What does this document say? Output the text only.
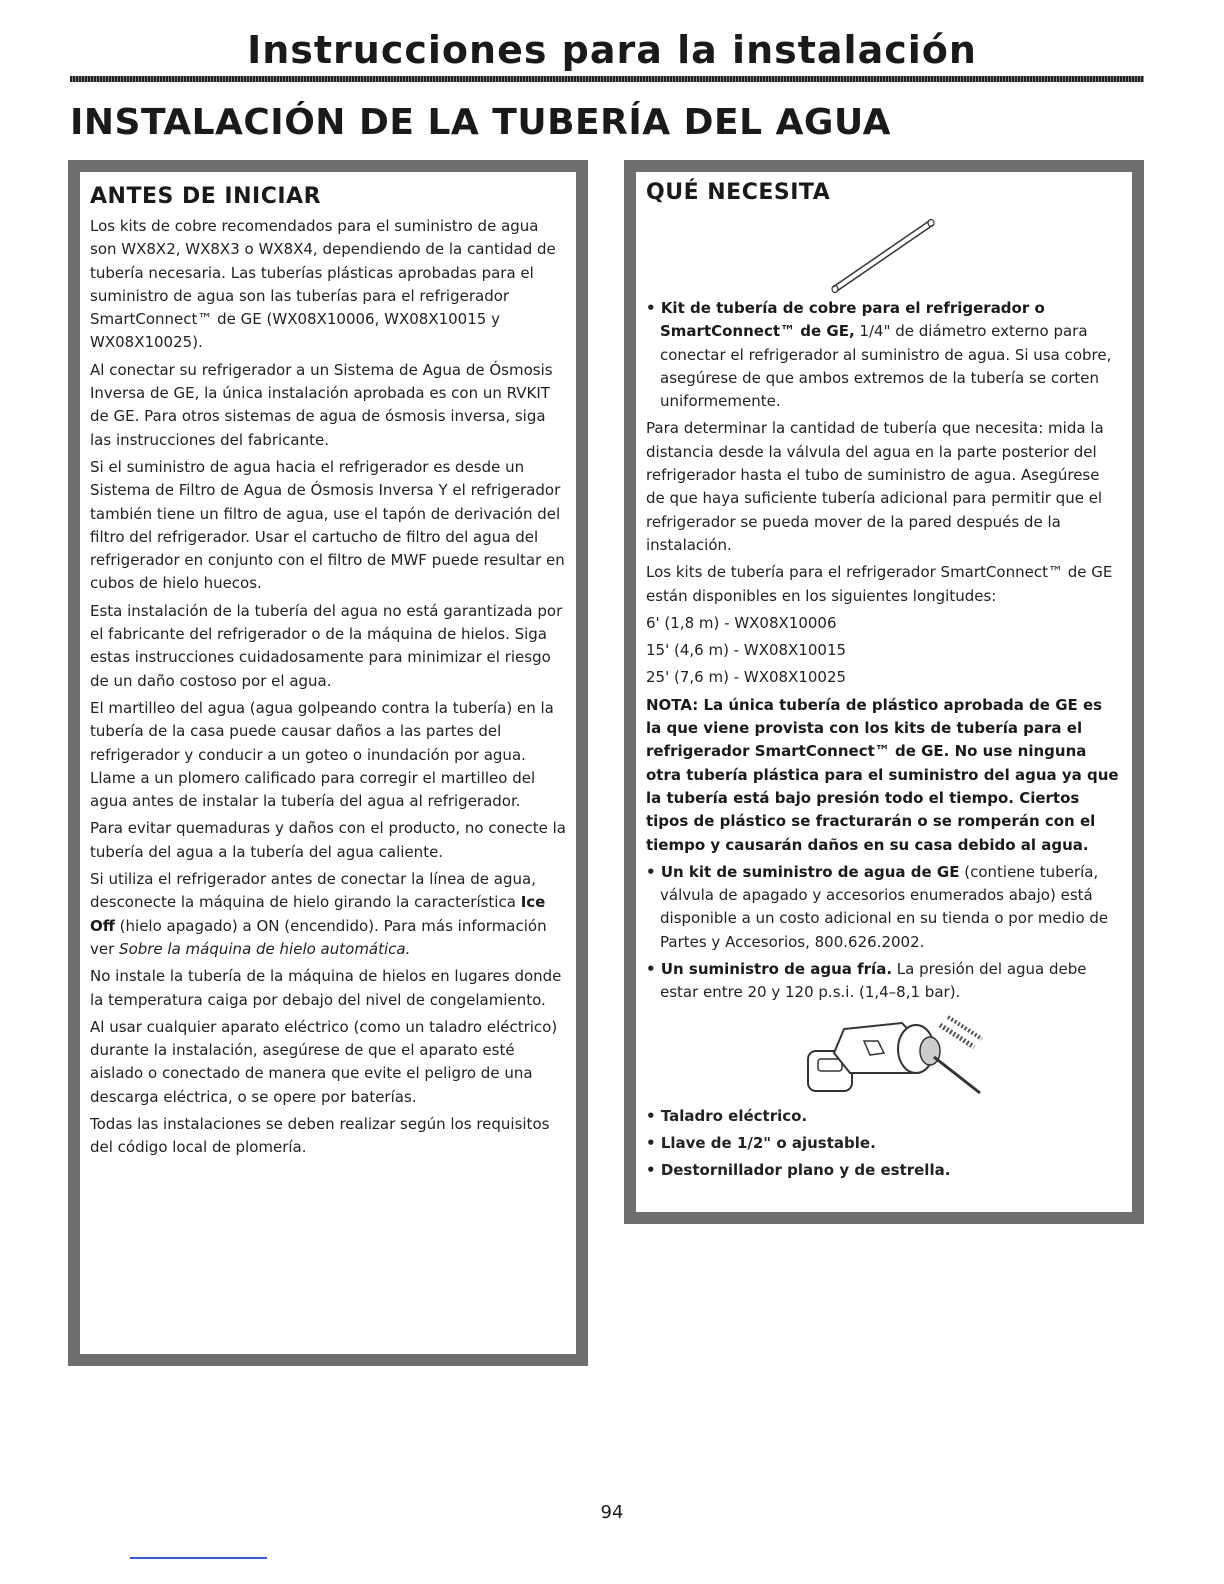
Instrucciones para la instalación
INSTALACIÓN DE LA TUBERÍA DEL AGUA
ANTES DE INICIAR

Los kits de cobre recomendados para el suministro de agua son WX8X2, WX8X3 o WX8X4, dependiendo de la cantidad de tubería necesaria. Las tuberías plásticas aprobadas para el suministro de agua son las tuberías para el refrigerador SmartConnect™ de GE (WX08X10006, WX08X10015 y WX08X10025).

Al conectar su refrigerador a un Sistema de Agua de Ósmosis Inversa de GE, la única instalación aprobada es con un RVKIT de GE. Para otros sistemas de agua de ósmosis inversa, siga las instrucciones del fabricante.

Si el suministro de agua hacia el refrigerador es desde un Sistema de Filtro de Agua de Ósmosis Inversa Y el refrigerador también tiene un filtro de agua, use el tapón de derivación del filtro del refrigerador. Usar el cartucho de filtro del agua del refrigerador en conjunto con el filtro de MWF puede resultar en cubos de hielo huecos.

Esta instalación de la tubería del agua no está garantizada por el fabricante del refrigerador o de la máquina de hielos. Siga estas instrucciones cuidadosamente para minimizar el riesgo de un daño costoso por el agua.

El martilleo del agua (agua golpeando contra la tubería) en la tubería de la casa puede causar daños a las partes del refrigerador y conducir a un goteo o inundación por agua. Llame a un plomero calificado para corregir el martilleo del agua antes de instalar la tubería del agua al refrigerador.

Para evitar quemaduras y daños con el producto, no conecte la tubería del agua a la tubería del agua caliente.

Si utiliza el refrigerador antes de conectar la línea de agua, desconecte la máquina de hielo girando la característica Ice Off (hielo apagado) a ON (encendido). Para más información ver Sobre la máquina de hielo automática.

No instale la tubería de la máquina de hielos en lugares donde la temperatura caiga por debajo del nivel de congelamiento.

Al usar cualquier aparato eléctrico (como un taladro eléctrico) durante la instalación, asegúrese de que el aparato esté aislado o conectado de manera que evite el peligro de una descarga eléctrica, o se opere por baterías.

Todas las instalaciones se deben realizar según los requisitos del código local de plomería.

QUÉ NECESITA
• Kit de tubería de cobre para el refrigerador o SmartConnect™ de GE, 1/4" de diámetro externo para conectar el refrigerador al suministro de agua. Si usa cobre, asegúrese de que ambos extremos de la tubería se corten uniformemente.

Para determinar la cantidad de tubería que necesita: mida la distancia desde la válvula del agua en la parte posterior del refrigerador hasta el tubo de suministro de agua. Asegúrese de que haya suficiente tubería adicional para permitir que el refrigerador se pueda mover de la pared después de la instalación.

Los kits de tubería para el refrigerador SmartConnect™ de GE están disponibles en los siguientes longitudes:

6' (1,8 m) - WX08X10006

15' (4,6 m) - WX08X10015

25' (7,6 m) - WX08X10025

NOTA: La única tubería de plástico aprobada de GE es la que viene provista con los kits de tubería para el refrigerador SmartConnect™ de GE. No use ninguna otra tubería plástica para el suministro del agua ya que la tubería está bajo presión todo el tiempo. Ciertos tipos de plástico se fracturarán o se romperán con el tiempo y causarán daños en su casa debido al agua.

• Un kit de suministro de agua de GE (contiene tubería, válvula de apagado y accesorios enumerados abajo) está disponible a un costo adicional en su tienda o por medio de Partes y Accesorios, 800.626.2002.
• Un suministro de agua fría. La presión del agua debe estar entre 20 y 120 p.s.i. (1,4–8,1 bar).
• Taladro eléctrico.
• Llave de 1/2" o ajustable.
• Destornillador plano y de estrella.
94
